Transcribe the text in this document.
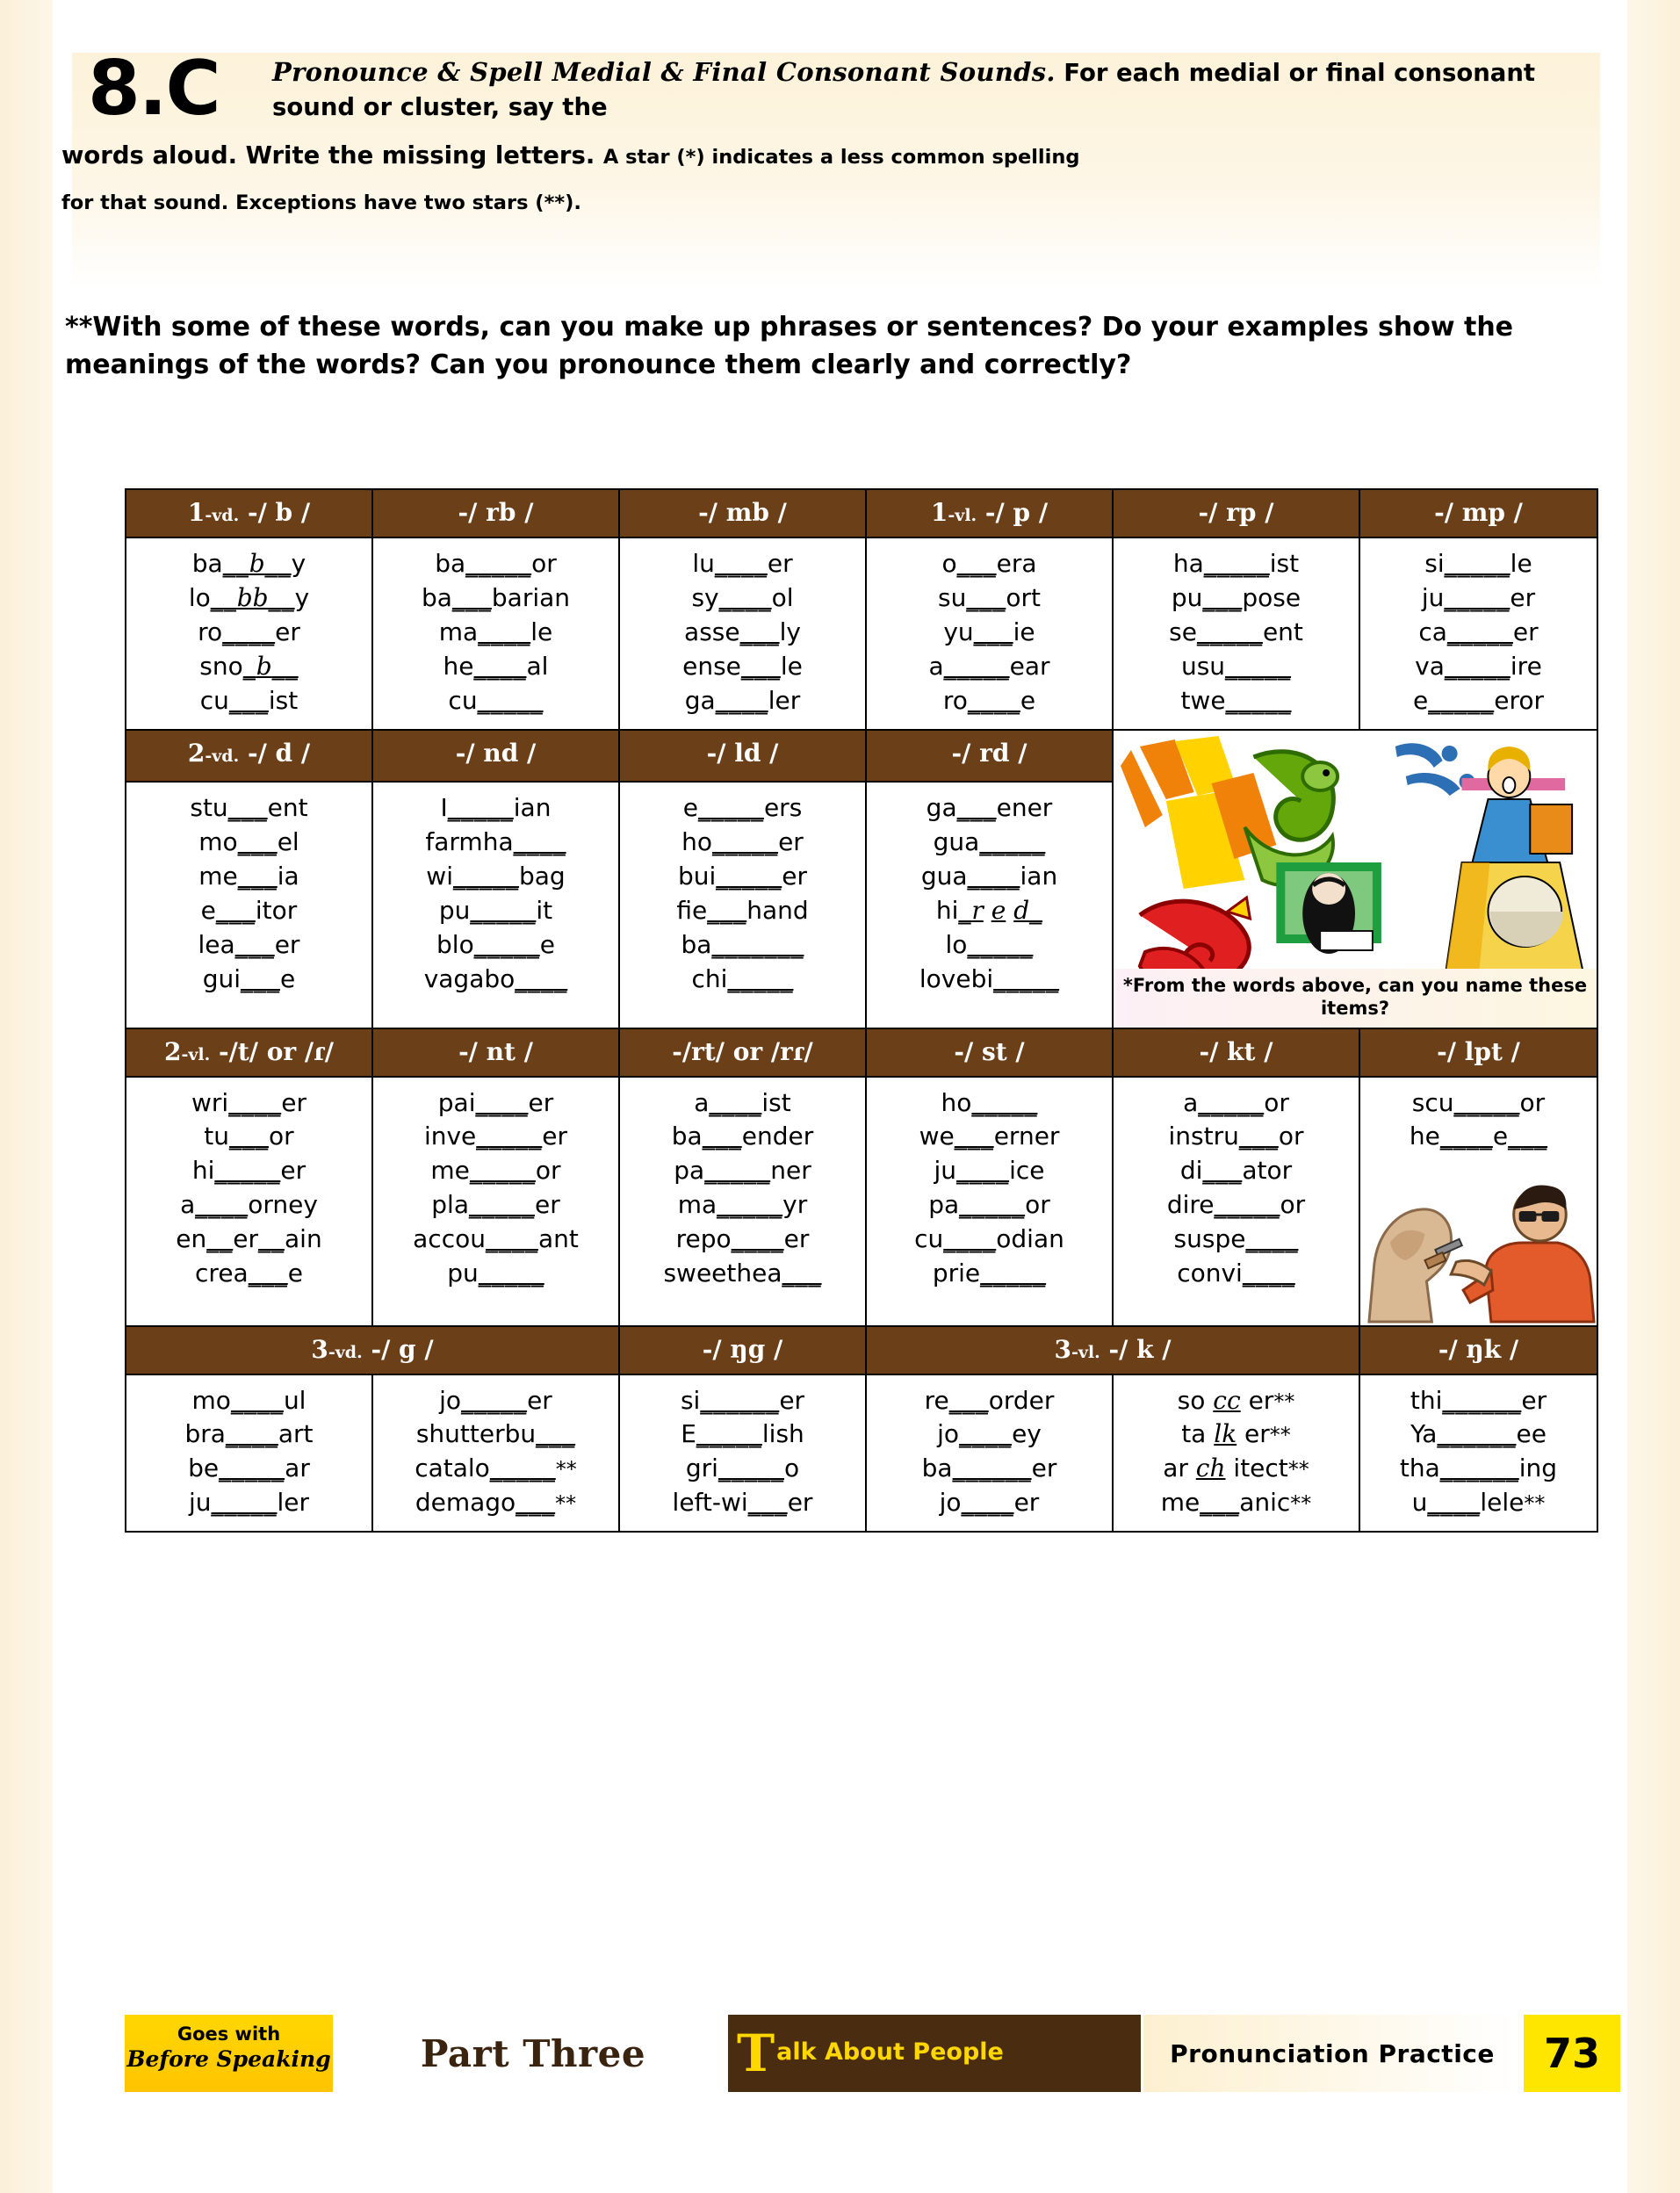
8.C Pronounce & Spell Medial & Final Consonant Sounds. For each medial or final consonant sound or cluster, say the
words aloud. Write the missing letters. A star (*) indicates a less common spelling
for that sound. Exceptions have two stars (**).
**With some of these words, can you make up phrases or sentences? Do your examples show the meanings of the words? Can you pronounce them clearly and correctly?
1-vd. -/ b /	-/ rb /	-/ mb /	1-vl. -/ p /	-/ rp /	-/ mp /

ba__b__y
lo__bb__y
ro____er
sno_b__
cu___ist

ba_____or
ba___barian
ma____le
he____al
cu_____

lu____er
sy____ol
asse___ly
ense___le
ga____ler

o___era
su___ort
yu___ie
a_____ear
ro____e

ha_____ist
pu___pose
se_____ent
usu_____
twe_____

si_____le
ju_____er
ca_____er
va_____ire
e_____eror

2-vd. -/ d /	-/ nd /	-/ ld /	-/ rd /	*From the words above, can you name these items?	

stu___ent
mo___el
me___ia
e___itor
lea___er
gui___e

I_____ian
farmha____
wi_____bag
pu_____it
blo_____e
vagabo____

e_____ers
ho_____er
bui_____er
fie___hand
ba_______
chi_____

ga___ener
gua_____
gua____ian
hi_r e d_
lo_____
lovebi_____

2-vl. -/t/ or /ɾ/	-/ nt /	-/rt/ or /rɾ/	-/ st /	-/ kt /	-/ lpt /

wri____er
tu___or
hi_____er
a____orney
en__er__ain
crea___e

pai____er
inve_____er
me_____or
pla_____er
accou____ant
pu_____

a____ist
ba___ender
pa_____ner
ma_____yr
repo____er
sweethea___

ho_____
we___erner
ju____ice
pa_____or
cu____odian
prie_____

a_____or
instru___or
di___ator
dire_____or
suspe____
convi____

scu_____or
he____e___

3-vd. -/ g /		-/ ŋg /	3-vl. -/ k /		-/ ŋk /

mo____ul
bra____art
be_____ar
ju_____ler

jo_____er
shutterbu___
catalo_____**
demago___**

si______er
E_____lish
gri_____o
left-wi___er

re___order
jo____ey
ba______er
jo____er

so cc er**
ta lk er**
ar ch itect**
me___anic**

thi______er
Ya______ee
tha______ing
u____lele**
Goes with
Before Speaking	Part Three	T alk About People	Pronunciation Practice	73
